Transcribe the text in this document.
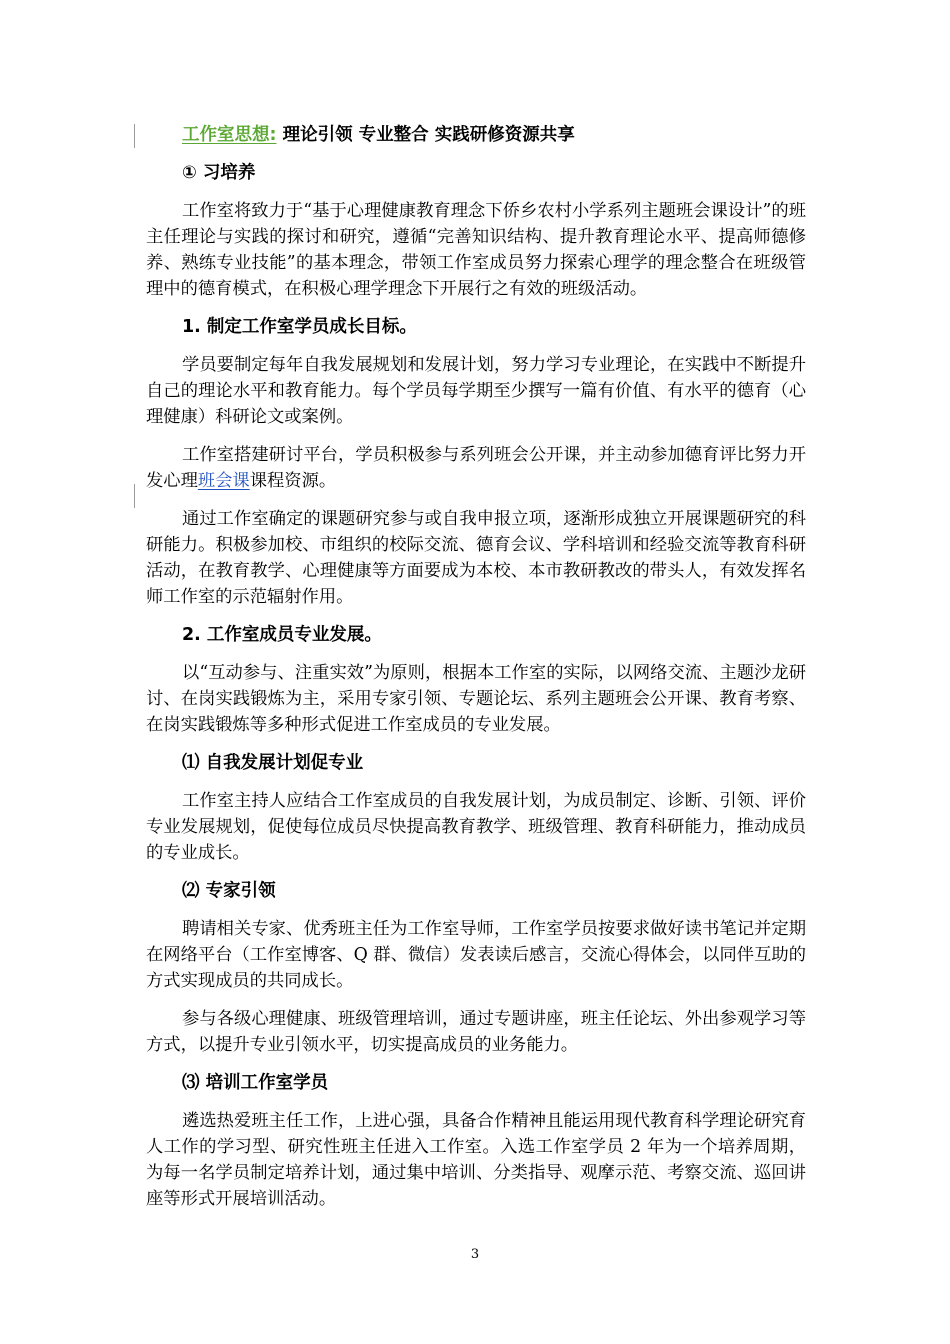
工作室思想: 理论引领 专业整合 实践研修资源共享

① 习培养

工作室将致力于“基于心理健康教育理念下侨乡农村小学系列主题班会课设计”的班主任理论与实践的探讨和研究，遵循“完善知识结构、提升教育理论水平、提高师德修养、熟练专业技能”的基本理念，带领工作室成员努力探索心理学的理念整合在班级管理中的德育模式，在积极心理学理念下开展行之有效的班级活动。

1. 制定工作室学员成长目标。

学员要制定每年自我发展规划和发展计划，努力学习专业理论，在实践中不断提升自己的理论水平和教育能力。每个学员每学期至少撰写一篇有价值、有水平的德育（心理健康）科研论文或案例。

工作室搭建研讨平台，学员积极参与系列班会公开课，并主动参加德育评比努力开发心理班会课课程资源。

通过工作室确定的课题研究参与或自我申报立项，逐渐形成独立开展课题研究的科研能力。积极参加校、市组织的校际交流、德育会议、学科培训和经验交流等教育科研活动，在教育教学、心理健康等方面要成为本校、本市教研教改的带头人，有效发挥名师工作室的示范辐射作用。

2. 工作室成员专业发展。

以“互动参与、注重实效”为原则，根据本工作室的实际，以网络交流、主题沙龙研讨、在岗实践锻炼为主，采用专家引领、专题论坛、系列主题班会公开课、教育考察、在岗实践锻炼等多种形式促进工作室成员的专业发展。

⑴ 自我发展计划促专业

工作室主持人应结合工作室成员的自我发展计划，为成员制定、诊断、引领、评价专业发展规划，促使每位成员尽快提高教育教学、班级管理、教育科研能力，推动成员的专业成长。

⑵ 专家引领

聘请相关专家、优秀班主任为工作室导师，工作室学员按要求做好读书笔记并定期在网络平台（工作室博客、Q 群、微信）发表读后感言，交流心得体会，以同伴互助的方式实现成员的共同成长。

参与各级心理健康、班级管理培训，通过专题讲座，班主任论坛、外出参观学习等方式，以提升专业引领水平，切实提高成员的业务能力。

⑶ 培训工作室学员

遴选热爱班主任工作，上进心强，具备合作精神且能运用现代教育科学理论研究育人工作的学习型、研究性班主任进入工作室。入选工作室学员 2 年为一个培养周期，为每一名学员制定培养计划，通过集中培训、分类指导、观摩示范、考察交流、巡回讲座等形式开展培训活动。

3
